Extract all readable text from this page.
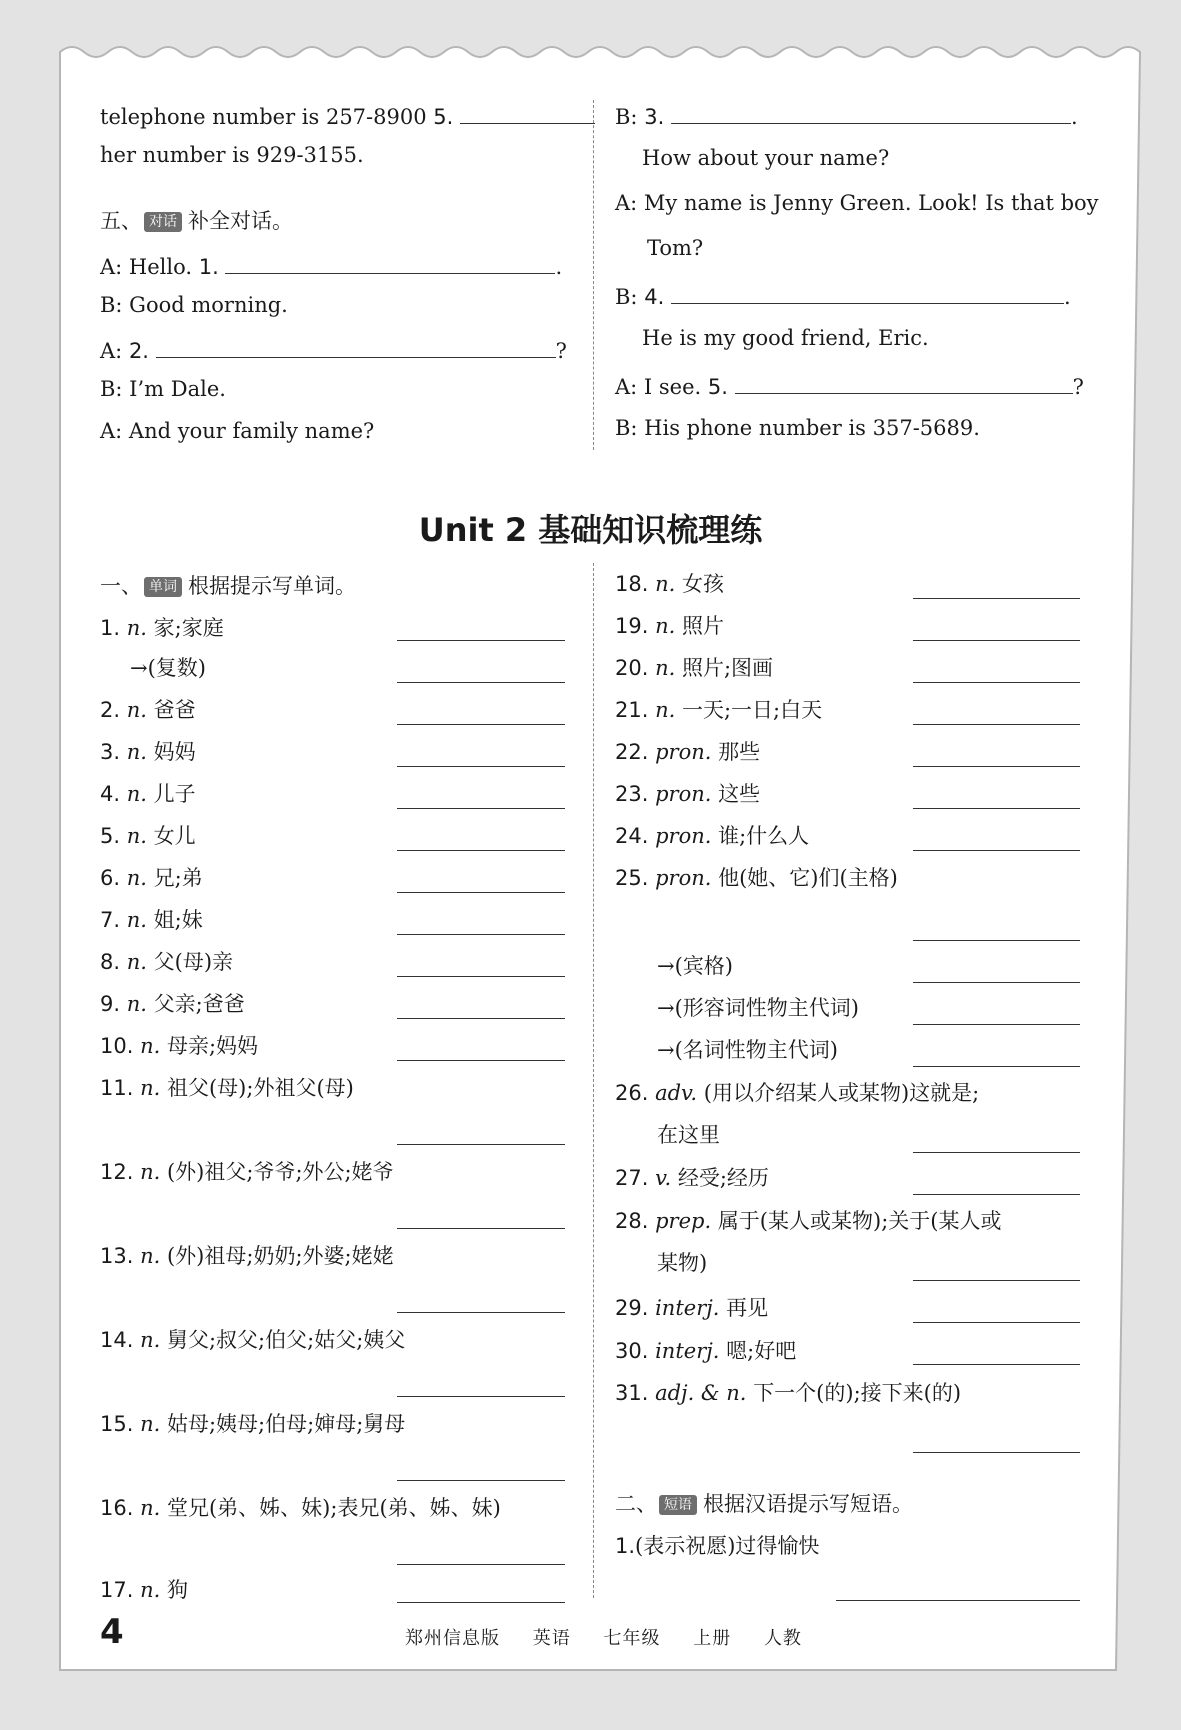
telephone number is 257-8900 5.
her number is 929-3155.
五、 对话 补全对话。
A: Hello. 1.	.
B: Good morning.
A: 2.	?
B: I’m Dale.
A: And your family name?
B: 3.	.
How about your name?
A: My name is Jenny Green. Look! Is that boy
Tom?
B: 4.	.
He is my good friend, Eric.
A: I see. 5.	?
B: His phone number is 357-5689.
Unit 2 基础知识梳理练
一、 单词 根据提示写单词。
1. n. 家;家庭
→(复数)
2. n. 爸爸
3. n. 妈妈
4. n. 儿子
5. n. 女儿
6. n. 兄;弟
7. n. 姐;妹
8. n. 父(母)亲
9. n. 父亲;爸爸
10. n. 母亲;妈妈
11. n. 祖父(母);外祖父(母)
12. n. (外)祖父;爷爷;外公;姥爷
13. n. (外)祖母;奶奶;外婆;姥姥
14. n. 舅父;叔父;伯父;姑父;姨父
15. n. 姑母;姨母;伯母;婶母;舅母
16. n. 堂兄(弟、姊、妹);表兄(弟、姊、妹)
17. n. 狗
18. n. 女孩
19. n. 照片
20. n. 照片;图画
21. n. 一天;一日;白天
22. pron. 那些
23. pron. 这些
24. pron. 谁;什么人
25. pron. 他(她、它)们(主格)
→(宾格)
→(形容词性物主代词)
→(名词性物主代词)
26. adv. (用以介绍某人或某物)这就是;
在这里
27. v. 经受;经历
28. prep. 属于(某人或某物);关于(某人或
某物)
29. interj. 再见
30. interj. 嗯;好吧
31. adj. & n. 下一个(的);接下来(的)
二、 短语 根据汉语提示写短语。
1.(表示祝愿)过得愉快
4	郑州信息版 英语 七年级 上册 人教
